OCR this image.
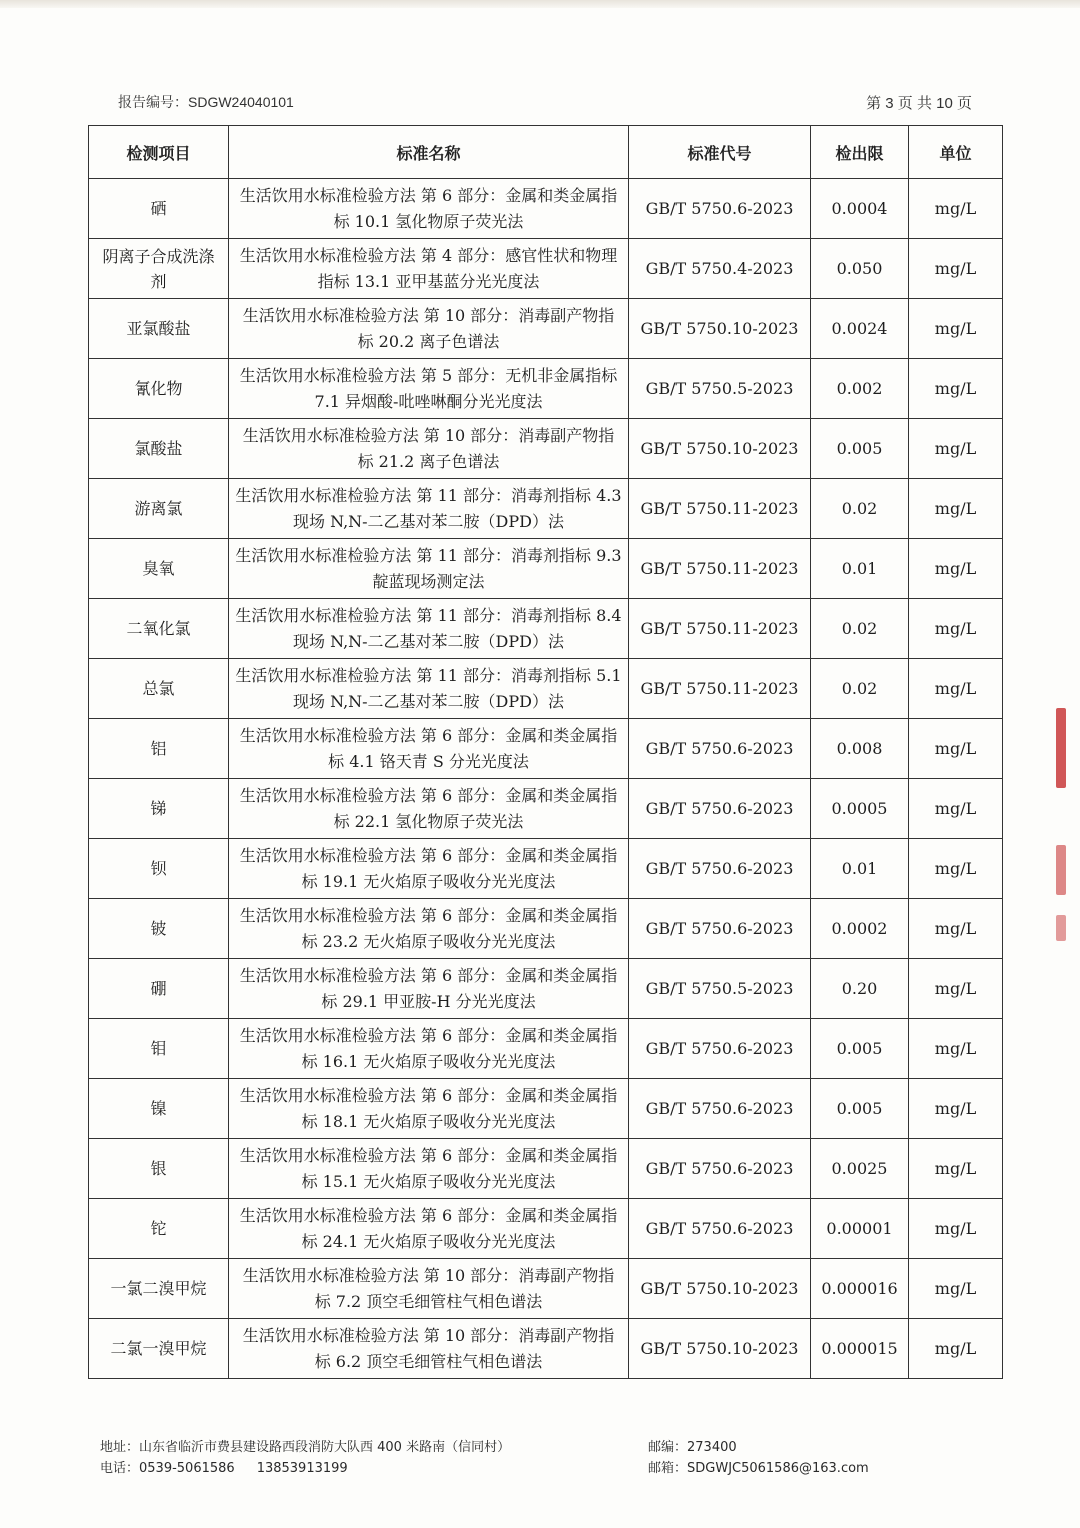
报告编号：SDGW24040101	第 3 页 共 10 页
检测项目	标准名称	标准代号	检出限	单位
硒	生活饮用水标准检验方法 第 6 部分：金属和类金属指标 10.1 氢化物原子荧光法	GB/T 5750.6-2023	0.0004	mg/L
阴离子合成洗涤剂	生活饮用水标准检验方法 第 4 部分：感官性状和物理指标 13.1 亚甲基蓝分光光度法	GB/T 5750.4-2023	0.050	mg/L
亚氯酸盐	生活饮用水标准检验方法 第 10 部分：消毒副产物指标 20.2 离子色谱法	GB/T 5750.10-2023	0.0024	mg/L
氰化物	生活饮用水标准检验方法 第 5 部分：无机非金属指标 7.1 异烟酸-吡唑啉酮分光光度法	GB/T 5750.5-2023	0.002	mg/L
氯酸盐	生活饮用水标准检验方法 第 10 部分：消毒副产物指标 21.2 离子色谱法	GB/T 5750.10-2023	0.005	mg/L
游离氯	生活饮用水标准检验方法 第 11 部分：消毒剂指标 4.3 现场 N,N-二乙基对苯二胺（DPD）法	GB/T 5750.11-2023	0.02	mg/L
臭氧	生活饮用水标准检验方法 第 11 部分：消毒剂指标 9.3 靛蓝现场测定法	GB/T 5750.11-2023	0.01	mg/L
二氧化氯	生活饮用水标准检验方法 第 11 部分：消毒剂指标 8.4 现场 N,N-二乙基对苯二胺（DPD）法	GB/T 5750.11-2023	0.02	mg/L
总氯	生活饮用水标准检验方法 第 11 部分：消毒剂指标 5.1 现场 N,N-二乙基对苯二胺（DPD）法	GB/T 5750.11-2023	0.02	mg/L
铝	生活饮用水标准检验方法 第 6 部分：金属和类金属指标 4.1 铬天青 S 分光光度法	GB/T 5750.6-2023	0.008	mg/L
锑	生活饮用水标准检验方法 第 6 部分：金属和类金属指标 22.1 氢化物原子荧光法	GB/T 5750.6-2023	0.0005	mg/L
钡	生活饮用水标准检验方法 第 6 部分：金属和类金属指标 19.1 无火焰原子吸收分光光度法	GB/T 5750.6-2023	0.01	mg/L
铍	生活饮用水标准检验方法 第 6 部分：金属和类金属指标 23.2 无火焰原子吸收分光光度法	GB/T 5750.6-2023	0.0002	mg/L
硼	生活饮用水标准检验方法 第 6 部分：金属和类金属指标 29.1 甲亚胺-H 分光光度法	GB/T 5750.5-2023	0.20	mg/L
钼	生活饮用水标准检验方法 第 6 部分：金属和类金属指标 16.1 无火焰原子吸收分光光度法	GB/T 5750.6-2023	0.005	mg/L
镍	生活饮用水标准检验方法 第 6 部分：金属和类金属指标 18.1 无火焰原子吸收分光光度法	GB/T 5750.6-2023	0.005	mg/L
银	生活饮用水标准检验方法 第 6 部分：金属和类金属指标 15.1 无火焰原子吸收分光光度法	GB/T 5750.6-2023	0.0025	mg/L
铊	生活饮用水标准检验方法 第 6 部分：金属和类金属指标 24.1 无火焰原子吸收分光光度法	GB/T 5750.6-2023	0.00001	mg/L
一氯二溴甲烷	生活饮用水标准检验方法 第 10 部分：消毒副产物指标 7.2 顶空毛细管柱气相色谱法	GB/T 5750.10-2023	0.000016	mg/L
二氯一溴甲烷	生活饮用水标准检验方法 第 10 部分：消毒副产物指标 6.2 顶空毛细管柱气相色谱法	GB/T 5750.10-2023	0.000015	mg/L
地址：山东省临沂市费县建设路西段消防大队西 400 米路南（信同村）
电话：0539-5061586 13853913199
邮编：273400
邮箱：SDGWJC5061586@163.com
